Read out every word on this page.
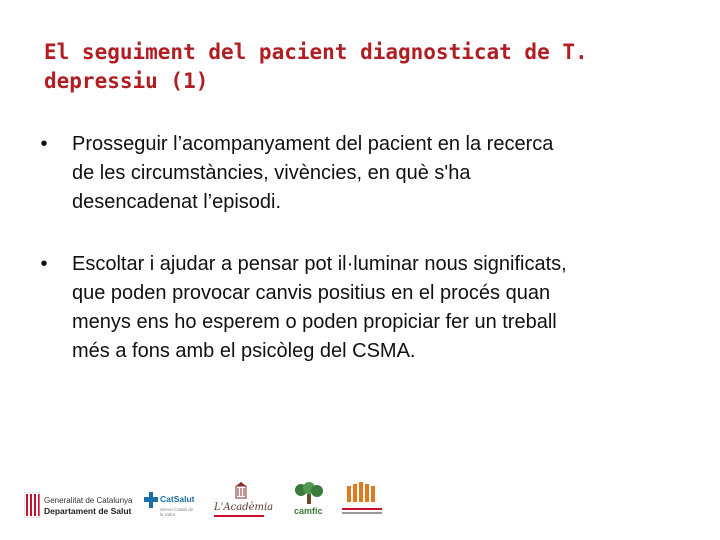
El seguiment del pacient diagnosticat de T.
depressiu (1)
•	Prosseguir l’acompanyament del pacient en la recerca
de les circumstàncies, vivències, en què s'ha
desencadenat l’episodi.
•	Escoltar i ajudar a pensar pot il·luminar nous significats,
que poden provocar canvis positius en el procés quan
menys ens ho esperem o poden propiciar fer un treball
més a fons amb el psicòleg del CSMA.
Generalitat de Catalunya
Departament de Salut
CatSalut
Servei Català de la Salut
L'Acadèmia camfic
